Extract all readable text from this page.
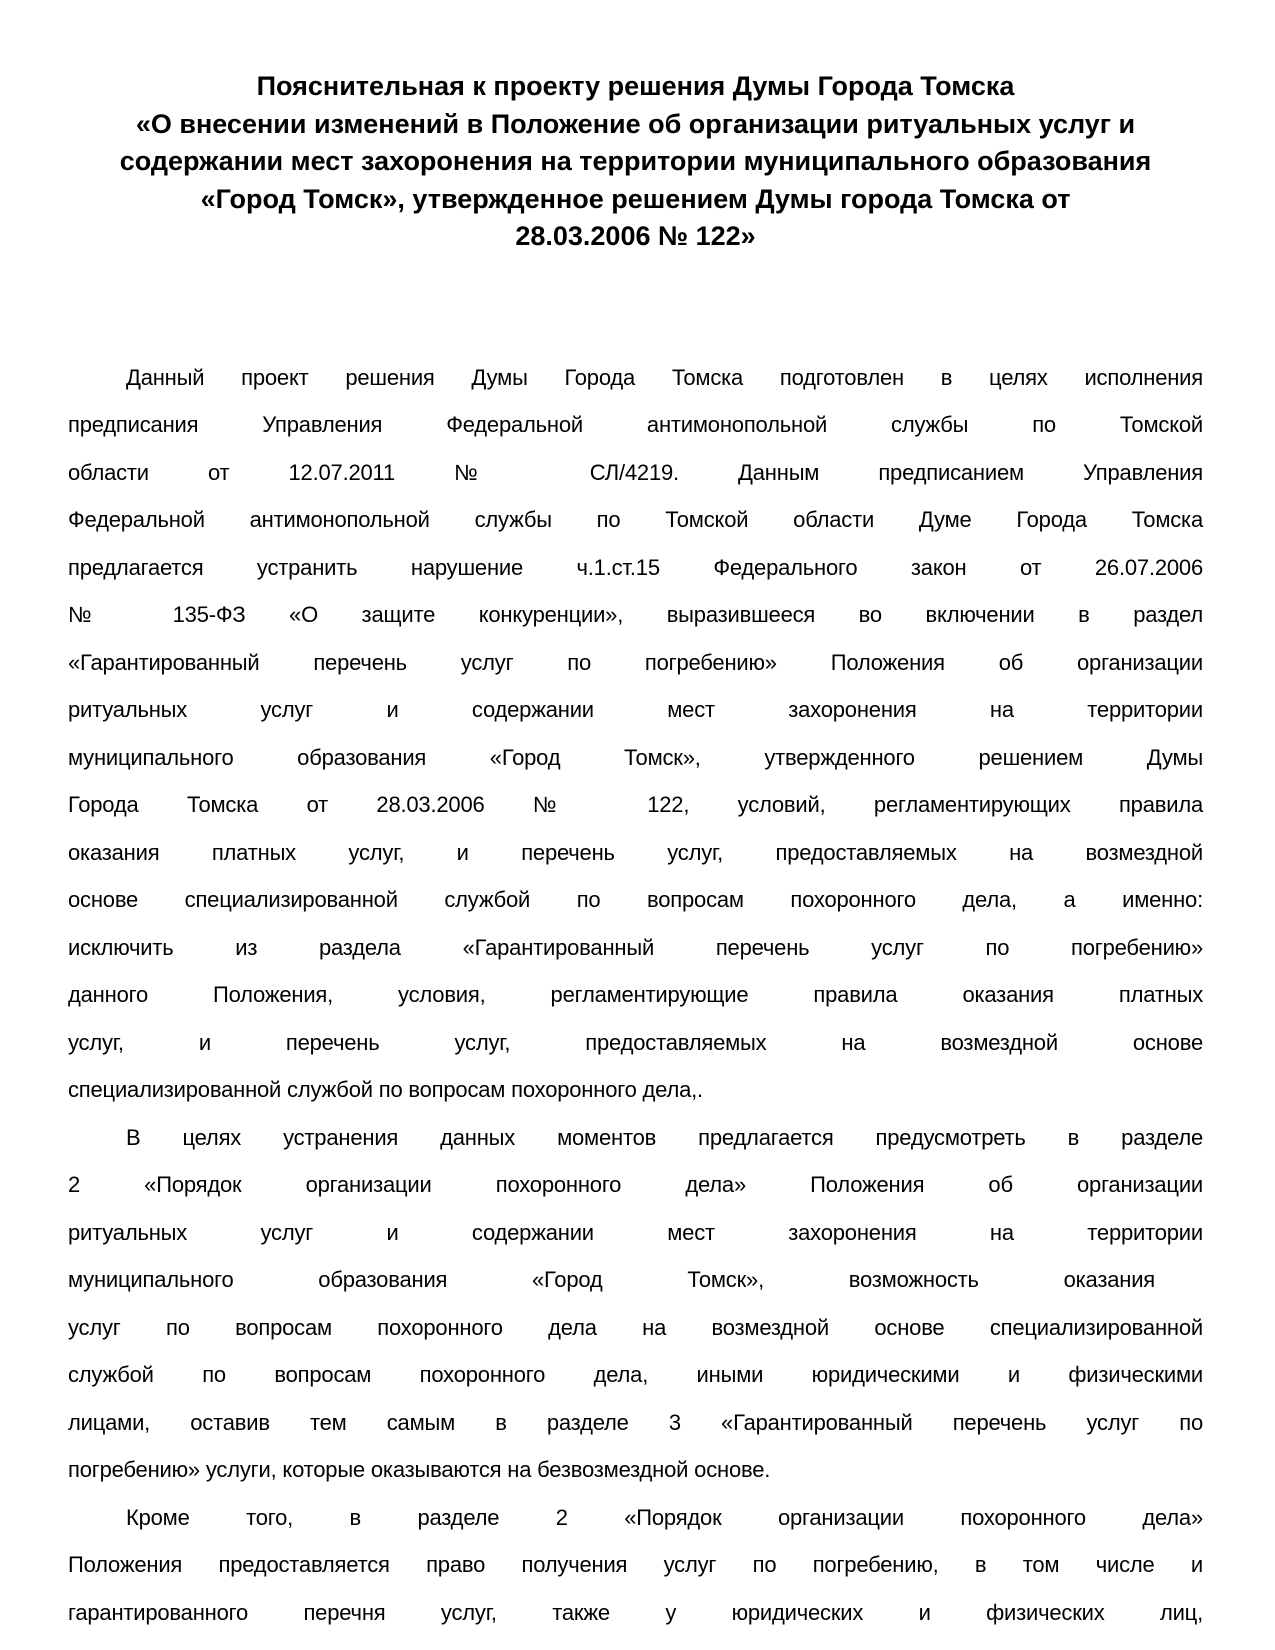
Пояснительная к проекту решения Думы Города Томска
«О внесении изменений в Положение об организации ритуальных услуг и
содержании мест захоронения на территории муниципального образования
«Город Томск», утвержденное решением Думы города Томска от
28.03.2006 № 122»
Данный проект решения Думы Города Томска подготовлен в целях исполнения
предписания Управления Федеральной антимонопольной службы по Томской
области от 12.07.2011 № СЛ/4219. Данным предписанием Управления
Федеральной антимонопольной службы по Томской области Думе Города Томска
предлагается устранить нарушение ч.1.ст.15 Федерального закон от 26.07.2006
№ 135-ФЗ «О защите конкуренции», выразившееся во включении в раздел
«Гарантированный перечень услуг по погребению» Положения об организации
ритуальных услуг и содержании мест захоронения на территории
муниципального образования «Город Томск», утвержденного решением Думы
Города Томска от 28.03.2006 № 122, условий, регламентирующих правила
оказания платных услуг, и перечень услуг, предоставляемых на возмездной
основе специализированной службой по вопросам похоронного дела, а именно:
исключить из раздела «Гарантированный перечень услуг по погребению»
данного Положения, условия, регламентирующие правила оказания платных
услуг, и перечень услуг, предоставляемых на возмездной основе
специализированной службой по вопросам похоронного дела,.
В целях устранения данных моментов предлагается предусмотреть в разделе
2 «Порядок организации похоронного дела» Положения об организации
ритуальных услуг и содержании мест захоронения на территории
муниципального образования «Город Томск», возможность оказания
услуг по вопросам похоронного дела на возмездной основе специализированной
службой по вопросам похоронного дела, иными юридическими и физическими
лицами, оставив тем самым в разделе 3 «Гарантированный перечень услуг по
погребению» услуги, которые оказываются на безвозмездной основе.
Кроме того, в разделе 2 «Порядок организации похоронного дела»
Положения предоставляется право получения услуг по погребению, в том числе и
гарантированного перечня услуг, также у юридических и физических лиц,
